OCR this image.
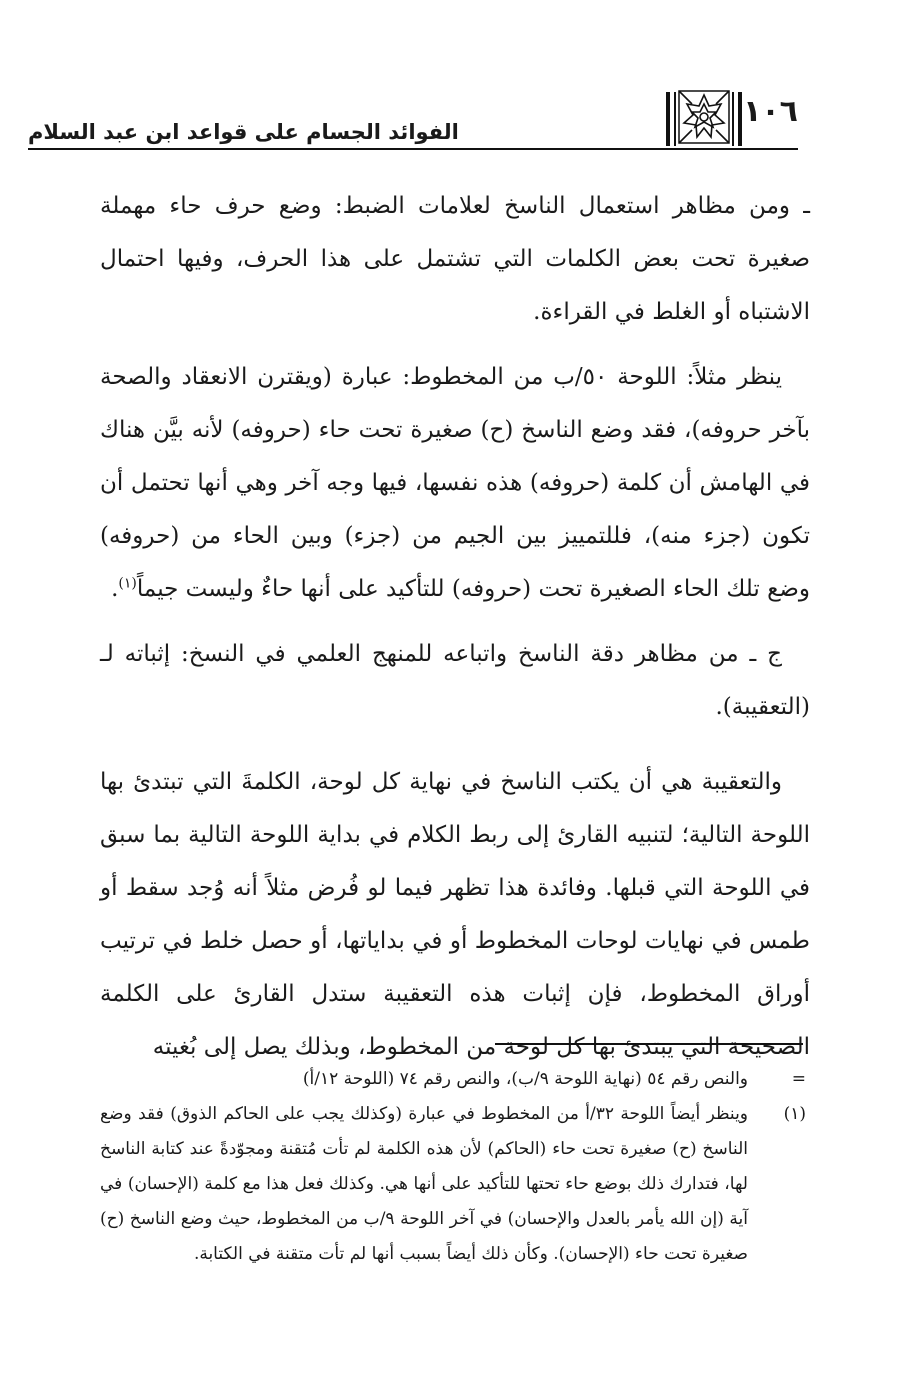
١٠٦
الفوائد الجسام على قواعد ابن عبد السلام

ـ ومن مظاهر استعمال الناسخ لعلامات الضبط: وضع حرف حاء مهملة صغيرة تحت بعض الكلمات التي تشتمل على هذا الحرف، وفيها احتمال الاشتباه أو الغلط في القراءة.

ينظر مثلاً: اللوحة ٥٠/ب من المخطوط: عبارة (ويقترن الانعقاد والصحة بآخر حروفه)، فقد وضع الناسخ (ح) صغيرة تحت حاء (حروفه) لأنه بيَّن هناك في الهامش أن كلمة (حروفه) هذه نفسها، فيها وجه آخر وهي أنها تحتمل أن تكون (جزء منه)، فللتمييز بين الجيم من (جزء) وبين الحاء من (حروفه) وضع تلك الحاء الصغيرة تحت (حروفه) للتأكيد على أنها حاءٌ وليست جيماً$^{(١)}$.

ج ـ من مظاهر دقة الناسخ واتباعه للمنهج العلمي في النسخ: إثباته لـ (التعقيبة).

والتعقيبة هي أن يكتب الناسخ في نهاية كل لوحة، الكلمةَ التي تبتدئ بها اللوحة التالية؛ لتنبيه القارئ إلى ربط الكلام في بداية اللوحة التالية بما سبق في اللوحة التي قبلها. وفائدة هذا تظهر فيما لو فُرض مثلاً أنه وُجد سقط أو طمس في نهايات لوحات المخطوط أو في بداياتها، أو حصل خلط في ترتيب أوراق المخطوط، فإن إثبات هذه التعقيبة ستدل القارئ على الكلمة الصحيحة التي يبتدئ بها كل لوحة من المخطوط، وبذلك يصل إلى بُغيته

=
والنص رقم ٥٤ (نهاية اللوحة ٩/ب)، والنص رقم ٧٤ (اللوحة ١٢/أ)
(١)
وينظر أيضاً اللوحة ٣٢/أ من المخطوط في عبارة (وكذلك يجب على الحاكم الذوق) فقد وضع الناسخ (ح) صغيرة تحت حاء (الحاكم) لأن هذه الكلمة لم تأت مُتقنة ومجوّدةً عند كتابة الناسخ لها، فتدارك ذلك بوضع حاء تحتها للتأكيد على أنها هي. وكذلك فعل هذا مع كلمة (الإحسان) في آية (إن الله يأمر بالعدل والإحسان) في آخر اللوحة ٩/ب من المخطوط، حيث وضع الناسخ (ح) صغيرة تحت حاء (الإحسان). وكأن ذلك أيضاً بسبب أنها لم تأت متقنة في الكتابة.
